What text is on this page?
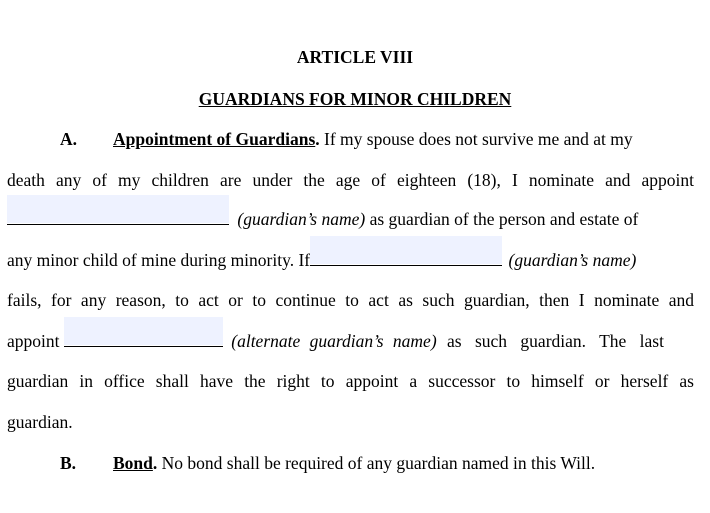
ARTICLE VIII
GUARDIANS FOR MINOR CHILDREN
A. Appointment of Guardians. If my spouse does not survive me and at my
death any of my children are under the age of eighteen (18), I nominate and appoint
(guardian’s name) as guardian of the person and estate of
any minor child of mine during minority. If	(guardian’s name)
fails, for any reason, to act or to continue to act as such guardian, then I nominate and
appoint	(alternate guardian’s name) as such guardian. The last
guardian in office shall have the right to appoint a successor to himself or herself as
guardian.
B. Bond. No bond shall be required of any guardian named in this Will.
